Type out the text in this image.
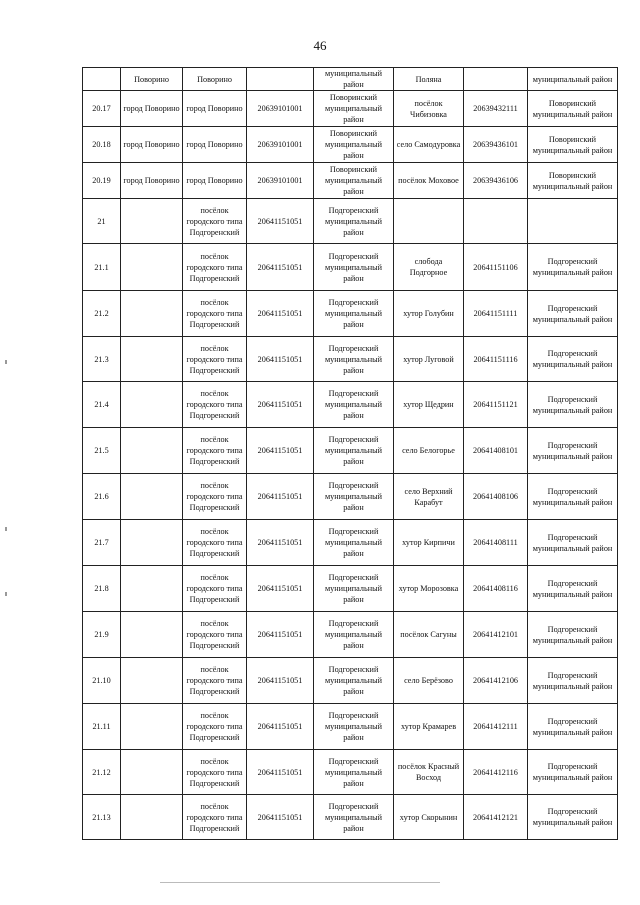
46
	Поворино	Поворино		муниципальный район	Поляна		муниципальный район
20.17	город Поворино	город Поворино	20639101001	Поворинский муниципальный район	посёлок Чибизовка	20639432111	Поворинский муниципальный район
20.18	город Поворино	город Поворино	20639101001	Поворинский муниципальный район	село Самодуровка	20639436101	Поворинский муниципальный район
20.19	город Поворино	город Поворино	20639101001	Поворинский муниципальный район	посёлок Моховое	20639436106	Поворинский муниципальный район
21		посёлок городского типа Подгоренский	20641151051	Подгоренский муниципальный район			
21.1		посёлок городского типа Подгоренский	20641151051	Подгоренский муниципальный район	слобода Подгорное	20641151106	Подгоренский муниципальный район
21.2		посёлок городского типа Подгоренский	20641151051	Подгоренский муниципальный район	хутор Голубин	20641151111	Подгоренский муниципальный район
21.3		посёлок городского типа Подгоренский	20641151051	Подгоренский муниципальный район	хутор Луговой	20641151116	Подгоренский муниципальный район
21.4		посёлок городского типа Подгоренский	20641151051	Подгоренский муниципальный район	хутор Щедрин	20641151121	Подгоренский муниципальный район
21.5		посёлок городского типа Подгоренский	20641151051	Подгоренский муниципальный район	село Белогорье	20641408101	Подгоренский муниципальный район
21.6		посёлок городского типа Подгоренский	20641151051	Подгоренский муниципальный район	село Верхний Карабут	20641408106	Подгоренский муниципальный район
21.7		посёлок городского типа Подгоренский	20641151051	Подгоренский муниципальный район	хутор Кирпичи	20641408111	Подгоренский муниципальный район
21.8		посёлок городского типа Подгоренский	20641151051	Подгоренский муниципальный район	хутор Морозовка	20641408116	Подгоренский муниципальный район
21.9		посёлок городского типа Подгоренский	20641151051	Подгоренский муниципальный район	посёлок Сагуны	20641412101	Подгоренский муниципальный район
21.10		посёлок городского типа Подгоренский	20641151051	Подгоренский муниципальный район	село Берёзово	20641412106	Подгоренский муниципальный район
21.11		посёлок городского типа Подгоренский	20641151051	Подгоренский муниципальный район	хутор Крамарев	20641412111	Подгоренский муниципальный район
21.12		посёлок городского типа Подгоренский	20641151051	Подгоренский муниципальный район	посёлок Красный Восход	20641412116	Подгоренский муниципальный район
21.13		посёлок городского типа Подгоренский	20641151051	Подгоренский муниципальный район	хутор Скорынин	20641412121	Подгоренский муниципальный район
